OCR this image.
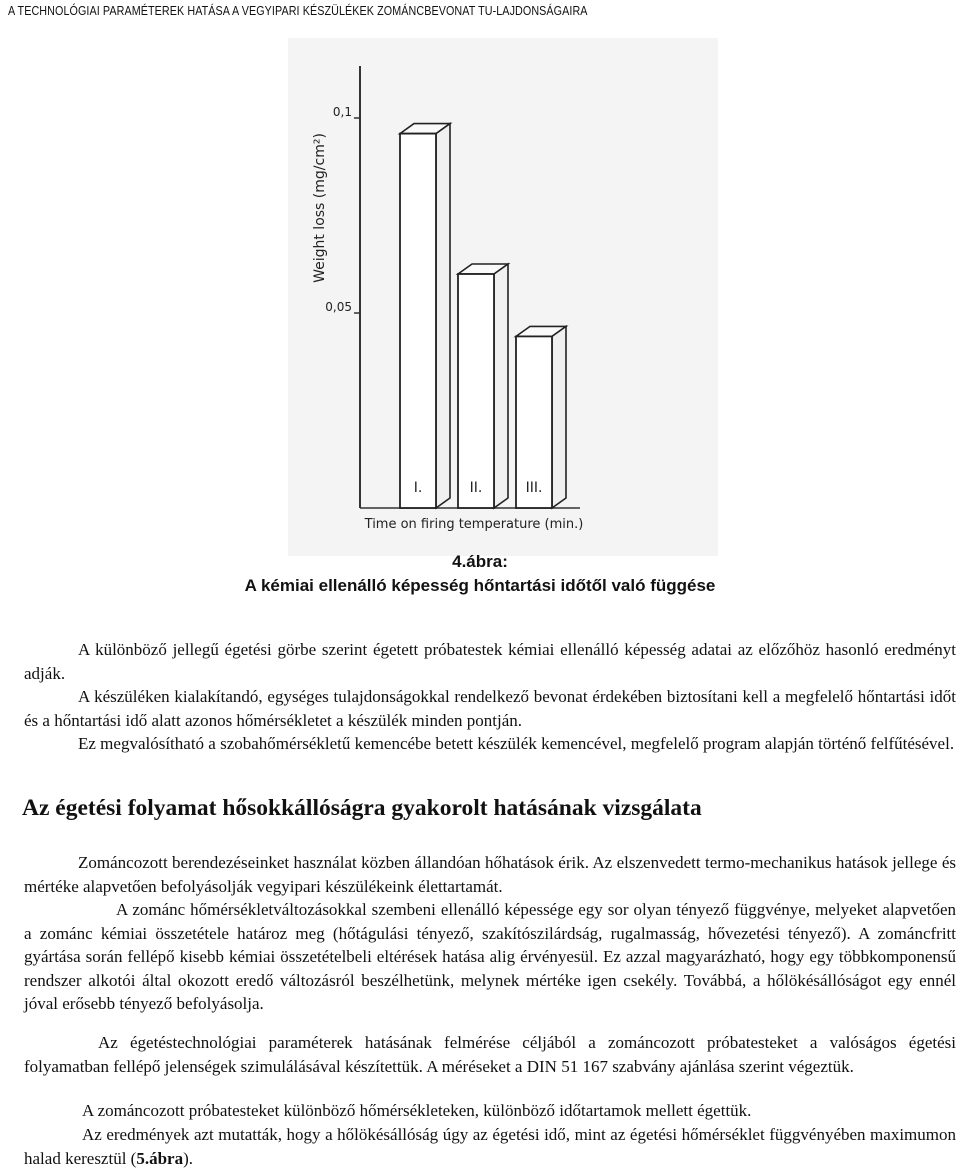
A TECHNOLÓGIAI PARAMÉTEREK HATÁSA A VEGYIPARI KÉSZÜLÉKEK ZOMÁNCBEVONAT TU-LAJDONSÁGAIRA
0,05
0,1
I.	II.	III.
Weight loss (mg/cm²)
Time on firing temperature (min.)
4.ábra:
A kémiai ellenálló képesség hőntartási időtől való függése

A különböző jellegű égetési görbe szerint égetett próbatestek kémiai ellenálló képesség adatai az előzőhöz hasonló eredményt adják.

A készüléken kialakítandó, egységes tulajdonságokkal rendelkező bevonat érdekében biztosítani kell a megfelelő hőntartási időt és a hőntartási idő alatt azonos hőmérsékletet a készülék minden pontján.

Ez megvalósítható a szobahőmérsékletű kemencébe betett készülék kemencével, megfelelő program alapján történő felfűtésével.

Az égetési folyamat hősokkállóságra gyakorolt hatásának vizsgálata

Zománcozott berendezéseinket használat közben állandóan hőhatások érik. Az elszenvedett termo-mechanikus hatások jellege és mértéke alapvetően befolyásolják vegyipari készülékeink élettartamát.

A zománc hőmérsékletváltozásokkal szembeni ellenálló képessége egy sor olyan tényező függvénye, melyeket alapvetően a zománc kémiai összetétele határoz meg (hőtágulási tényező, szakítószilárdság, rugalmasság, hővezetési tényező). A zománcfritt gyártása során fellépő kisebb kémiai összetételbeli eltérések hatása alig érvényesül. Ez azzal magyarázható, hogy egy többkomponensű rendszer alkotói által okozott eredő változásról beszélhetünk, melynek mértéke igen csekély. Továbbá, a hőlökésállóságot egy ennél jóval erősebb tényező befolyásolja.

Az égetéstechnológiai paraméterek hatásának felmérése céljából a zománcozott próbatesteket a valóságos égetési folyamatban fellépő jelenségek szimulálásával készítettük. A méréseket a DIN 51 167 szabvány ajánlása szerint végeztük.

A zománcozott próbatesteket különböző hőmérsékleteken, különböző időtartamok mellett égettük.

Az eredmények azt mutatták, hogy a hőlökésállóság úgy az égetési idő, mint az égetési hőmérséklet függvényében maximumon halad keresztül (5.ábra).
